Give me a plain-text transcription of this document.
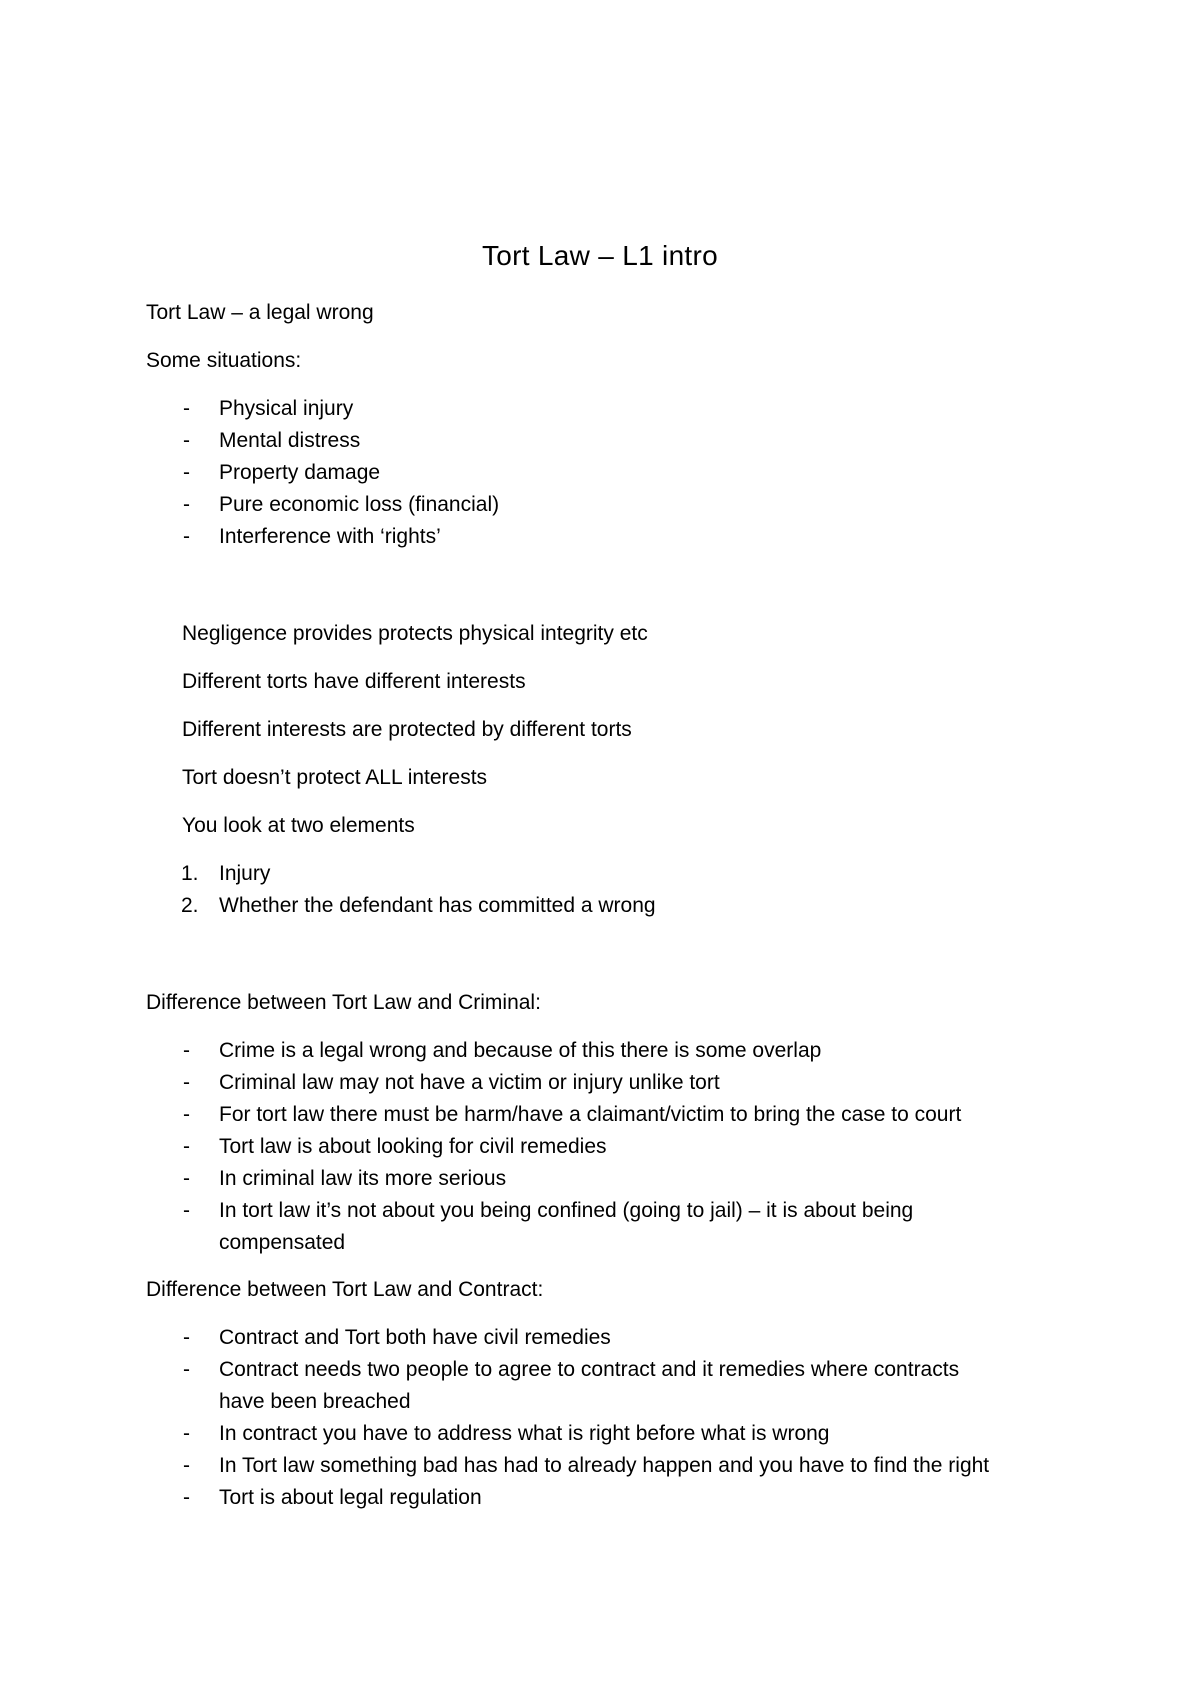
Tort Law – L1 intro
Tort Law – a legal wrong
Some situations:
- Physical injury
- Mental distress
- Property damage
- Pure economic loss (financial)
- Interference with ‘rights’
Negligence provides protects physical integrity etc
Different torts have different interests
Different interests are protected by different torts
Tort doesn’t protect ALL interests
You look at two elements
1. Injury
2. Whether the defendant has committed a wrong
Difference between Tort Law and Criminal:
- Crime is a legal wrong and because of this there is some overlap
- Criminal law may not have a victim or injury unlike tort
- For tort law there must be harm/have a claimant/victim to bring the case to court
- Tort law is about looking for civil remedies
- In criminal law its more serious
- In tort law it’s not about you being confined (going to jail) – it is about being
compensated
Difference between Tort Law and Contract:
- Contract and Tort both have civil remedies
- Contract needs two people to agree to contract and it remedies where contracts
have been breached
- In contract you have to address what is right before what is wrong
- In Tort law something bad has had to already happen and you have to find the right
- Tort is about legal regulation
